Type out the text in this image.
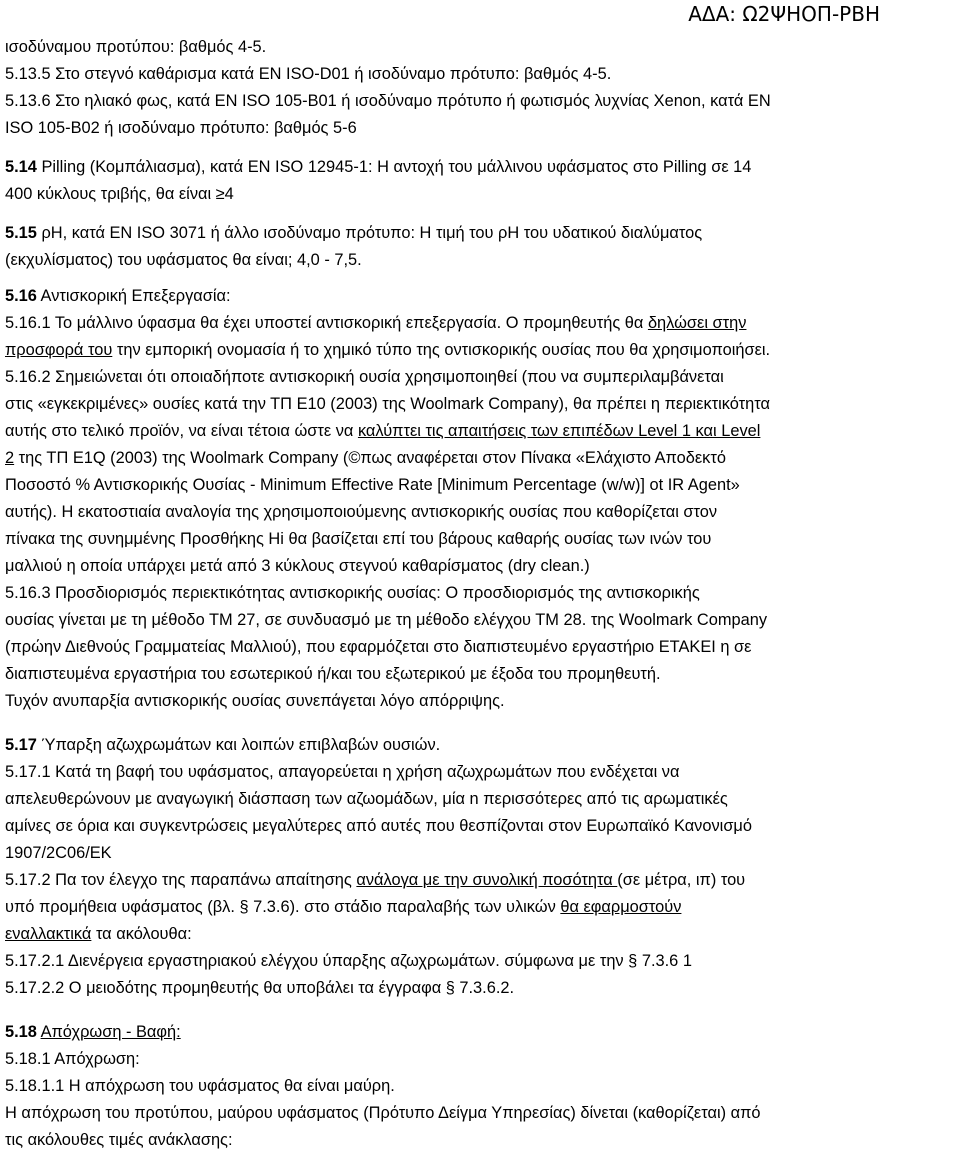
ΑΔΑ: Ω2ΨΗΟΠ-ΡΒΗ

ισοδύναμου προτύπου: βαθμός 4-5.

5.13.5 Στο στεγνό καθάρισμα κατά EN ISO-D01 ή ισοδύναμο πρότυπο: βαθμός 4-5.

5.13.6 Στο ηλιακό φως, κατά EN ISO 105-B01 ή ισοδύναμο πρότυπο ή φωτισμός λυχνίας Xenon, κατά EN
ISO 105-B02 ή ισοδύναμο πρότυπο: βαθμός 5-6

5.14 Pilling (Κομπάλιασμα), κατά EN ISO 12945-1: Η αντοχή του μάλλινου υφάσματος στο Pilling σε 14
400 κύκλους τριβής, θα είναι ≥4

5.15 ρΗ, κατά EN ISO 3071 ή άλλο ισοδύναμο πρότυπο: Η τιμή του ρΗ του υδατικού διαλύματος
(εκχυλίσματος) του υφάσματος θα είναι; 4,0 - 7,5.

5.16 Αντισκορική Επεξεργασία:

5.16.1 Το μάλλινο ύφασμα θα έχει υποστεί αντισκορική επεξεργασία. Ο προμηθευτής θα δηλώσει στην
προσφορά του την εμπορική ονομασία ή το χημικό τύπο της οντισκορικής ουσίας που θα χρησιμοποιήσει.

5.16.2 Σημειώνεται ότι οποιαδήποτε αντισκορική ουσία χρησιμοποιηθεί (που να συμπεριλαμβάνεται
στις «εγκεκριμένες» ουσίες κατά την ΤΠ Ε10 (2003) της Woolmark Company), θα πρέπει η περιεκτικότητα
αυτής στο τελικό προϊόν, να είναι τέτοια ώστε να καλύπτει τις απαιτήσεις των επιπέδων Level 1 και Level
2 της ΤΠ E1Q (2003) της Woolmark Company (©πως αναφέρεται στον Πίνακα «Ελάχιστο Αποδεκτό
Ποσοστό % Αντισκορικής Ουσίας - Minimum Effective Rate [Minimum Percentage (w/w)] ot IR Agent»
αυτής). Η εκατοστιαία αναλογία της χρησιμοποιούμενης αντισκορικής ουσίας που καθορίζεται στον
πίνακα της συνημμένης Προσθήκης Hi θα βασίζεται επί του βάρους καθαρής ουσίας των ινών του
μαλλιού η οποία υπάρχει μετά από 3 κύκλους στεγνού καθαρίσματος (dry clean.)

5.16.3 Προσδιορισμός περιεκτικότητας αντισκορικής ουσίας: Ο προσδιορισμός της αντισκορικής
ουσίας γίνεται με τη μέθοδο ΤΜ 27, σε συνδυασμό με τη μέθοδο ελέγχου ΤΜ 28. της Woolmark Company
(πρώην Διεθνούς Γραμματείας Μαλλιού), που εφαρμόζεται στο διαπιστευμένο εργαστήριο ΕΤΑΚΕΙ η σε
διαπιστευμένα εργαστήρια του εσωτερικού ή/και του εξωτερικού με έξοδα του προμηθευτή.
Τυχόν ανυπαρξία αντισκορικής ουσίας συνεπάγεται λόγο απόρριψης.

5.17 Ύπαρξη αζωχρωμάτων και λοιπών επιβλαβών ουσιών.

5.17.1 Κατά τη βαφή του υφάσματος, απαγορεύεται η χρήση αζωχρωμάτων που ενδέχεται να
απελευθερώνουν με αναγωγική διάσπαση των αζωομάδων, μία n περισσότερες από τις αρωματικές
αμίνες σε όρια και συγκεντρώσεις μεγαλύτερες από αυτές που θεσπίζονται στον Ευρωπαϊκό Κανονισμό
1907/2C06/EK

5.17.2 Πα τον έλεγχο της παραπάνω απαίτησης ανάλογα με την συνολική ποσότητα (σε μέτρα, ιπ) του
υπό προμήθεια υφάσματος (βλ. § 7.3.6). στο στάδιο παραλαβής των υλικών θα εφαρμοστούν
εναλλακτικά τα ακόλουθα:

5.17.2.1 Διενέργεια εργαστηριακού ελέγχου ύπαρξης αζωχρωμάτων. σύμφωνα με την § 7.3.6 1

5.17.2.2 Ο μειοδότης προμηθευτής θα υποβάλει τα έγγραφα § 7.3.6.2.

5.18 Απόχρωση - Βαφή:

5.18.1 Απόχρωση:

5.18.1.1 Η απόχρωση του υφάσματος θα είναι μαύρη.

Η απόχρωση του προτύπου, μαύρου υφάσματος (Πρότυπο Δείγμα Υπηρεσίας) δίνεται (καθορίζεται) από
τις ακόλουθες τιμές ανάκλασης:
